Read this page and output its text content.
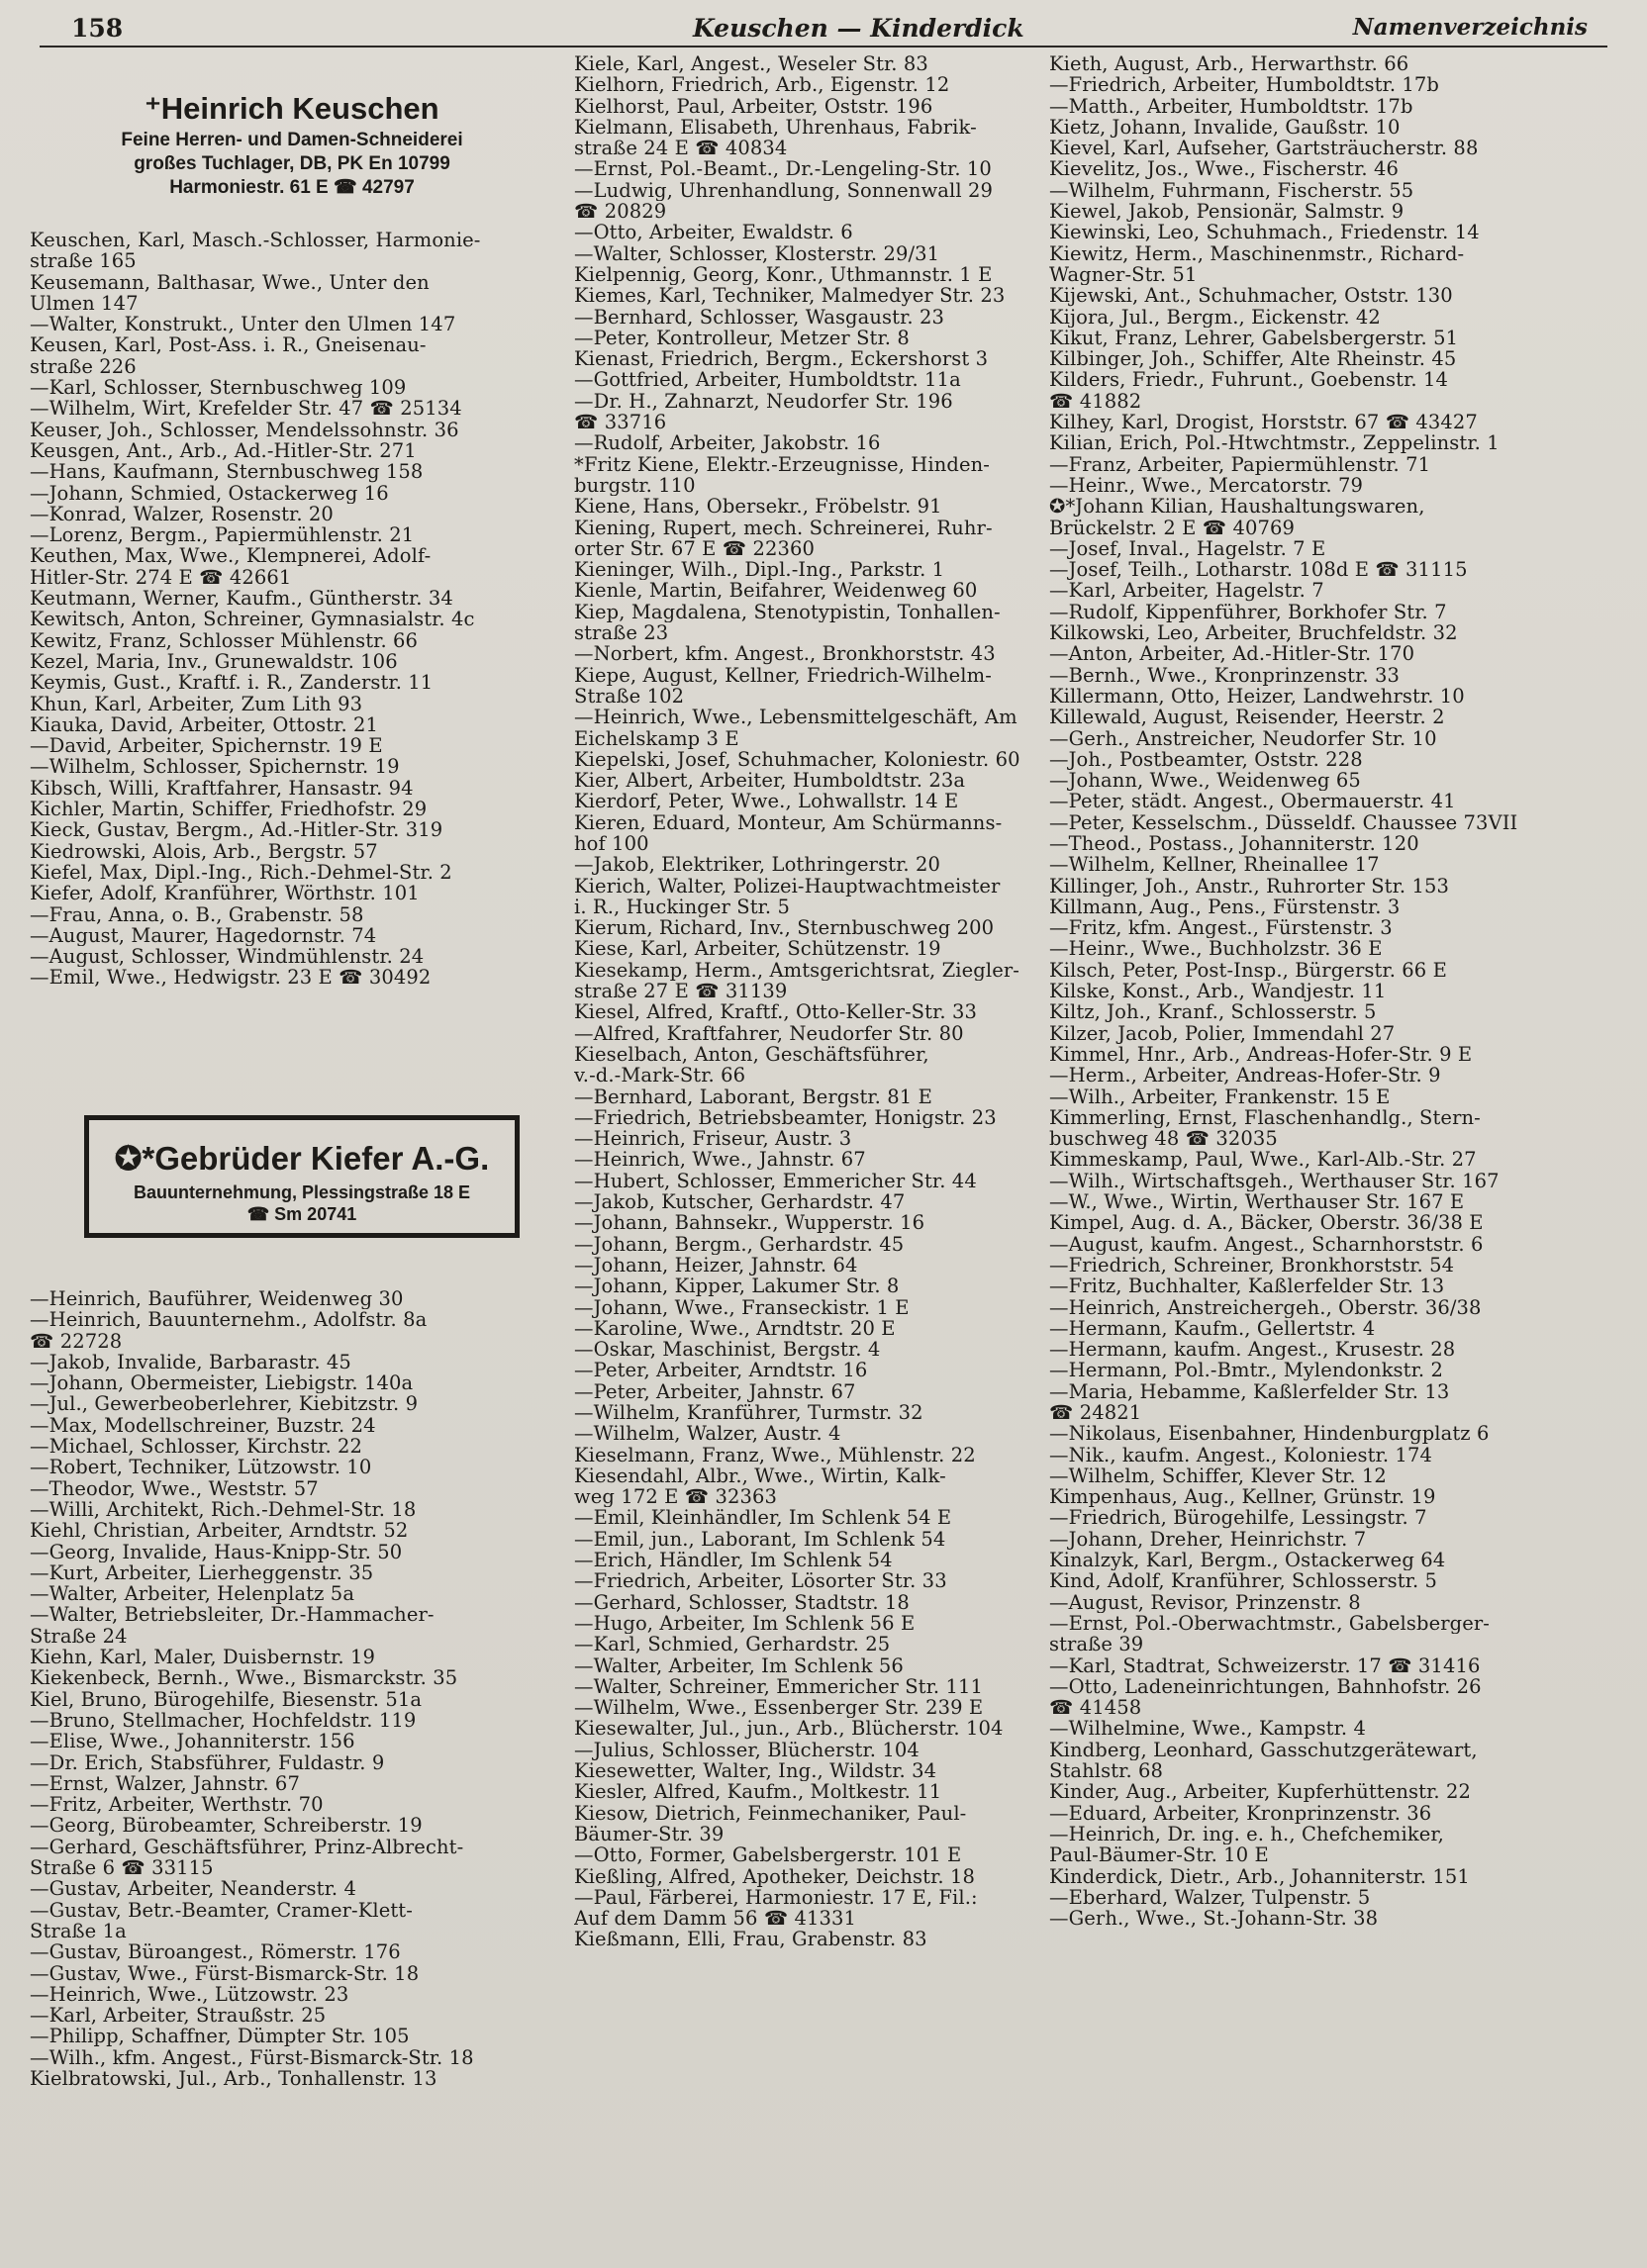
158	Keuschen — Kinderdick	Namenverzeichnis
⁺Heinrich Keuschen
Feine Herren- und Damen-Schneiderei
großes Tuchlager, DB, PK En 10799
Harmoniestr. 61 E ☎ 42797
Keuschen, Karl, Masch.-Schlosser, Harmonie-
straße 165
Keusemann, Balthasar, Wwe., Unter den
Ulmen 147
—Walter, Konstrukt., Unter den Ulmen 147
Keusen, Karl, Post-Ass. i. R., Gneisenau-
straße 226
—Karl, Schlosser, Sternbuschweg 109
—Wilhelm, Wirt, Krefelder Str. 47 ☎ 25134
Keuser, Joh., Schlosser, Mendelssohnstr. 36
Keusgen, Ant., Arb., Ad.-Hitler-Str. 271
—Hans, Kaufmann, Sternbuschweg 158
—Johann, Schmied, Ostackerweg 16
—Konrad, Walzer, Rosenstr. 20
—Lorenz, Bergm., Papiermühlenstr. 21
Keuthen, Max, Wwe., Klempnerei, Adolf-
Hitler-Str. 274 E ☎ 42661
Keutmann, Werner, Kaufm., Güntherstr. 34
Kewitsch, Anton, Schreiner, Gymnasialstr. 4c
Kewitz, Franz, Schlosser Mühlenstr. 66
Kezel, Maria, Inv., Grunewaldstr. 106
Keymis, Gust., Kraftf. i. R., Zanderstr. 11
Khun, Karl, Arbeiter, Zum Lith 93
Kiauka, David, Arbeiter, Ottostr. 21
—David, Arbeiter, Spichernstr. 19 E
—Wilhelm, Schlosser, Spichernstr. 19
Kibsch, Willi, Kraftfahrer, Hansastr. 94
Kichler, Martin, Schiffer, Friedhofstr. 29
Kieck, Gustav, Bergm., Ad.-Hitler-Str. 319
Kiedrowski, Alois, Arb., Bergstr. 57
Kiefel, Max, Dipl.-Ing., Rich.-Dehmel-Str. 2
Kiefer, Adolf, Kranführer, Wörthstr. 101
—Frau, Anna, o. B., Grabenstr. 58
—August, Maurer, Hagedornstr. 74
—August, Schlosser, Windmühlenstr. 24
—Emil, Wwe., Hedwigstr. 23 E ☎ 30492
✪*Gebrüder Kiefer A.-G.
Bauunternehmung, Plessingstraße 18 E
☎ Sm 20741
—Heinrich, Bauführer, Weidenweg 30
—Heinrich, Bauunternehm., Adolfstr. 8a
☎ 22728
—Jakob, Invalide, Barbarastr. 45
—Johann, Obermeister, Liebigstr. 140a
—Jul., Gewerbeoberlehrer, Kiebitzstr. 9
—Max, Modellschreiner, Buzstr. 24
—Michael, Schlosser, Kirchstr. 22
—Robert, Techniker, Lützowstr. 10
—Theodor, Wwe., Weststr. 57
—Willi, Architekt, Rich.-Dehmel-Str. 18
Kiehl, Christian, Arbeiter, Arndtstr. 52
—Georg, Invalide, Haus-Knipp-Str. 50
—Kurt, Arbeiter, Lierheggenstr. 35
—Walter, Arbeiter, Helenplatz 5a
—Walter, Betriebsleiter, Dr.-Hammacher-
Straße 24
Kiehn, Karl, Maler, Duisbernstr. 19
Kiekenbeck, Bernh., Wwe., Bismarckstr. 35
Kiel, Bruno, Bürogehilfe, Biesenstr. 51a
—Bruno, Stellmacher, Hochfeldstr. 119
—Elise, Wwe., Johanniterstr. 156
—Dr. Erich, Stabsführer, Fuldastr. 9
—Ernst, Walzer, Jahnstr. 67
—Fritz, Arbeiter, Werthstr. 70
—Georg, Bürobeamter, Schreiberstr. 19
—Gerhard, Geschäftsführer, Prinz-Albrecht-
Straße 6 ☎ 33115
—Gustav, Arbeiter, Neanderstr. 4
—Gustav, Betr.-Beamter, Cramer-Klett-
Straße 1a
—Gustav, Büroangest., Römerstr. 176
—Gustav, Wwe., Fürst-Bismarck-Str. 18
—Heinrich, Wwe., Lützowstr. 23
—Karl, Arbeiter, Straußstr. 25
—Philipp, Schaffner, Dümpter Str. 105
—Wilh., kfm. Angest., Fürst-Bismarck-Str. 18
Kielbratowski, Jul., Arb., Tonhallenstr. 13
Kiele, Karl, Angest., Weseler Str. 83
Kielhorn, Friedrich, Arb., Eigenstr. 12
Kielhorst, Paul, Arbeiter, Oststr. 196
Kielmann, Elisabeth, Uhrenhaus, Fabrik-
straße 24 E ☎ 40834
—Ernst, Pol.-Beamt., Dr.-Lengeling-Str. 10
—Ludwig, Uhrenhandlung, Sonnenwall 29
☎ 20829
—Otto, Arbeiter, Ewaldstr. 6
—Walter, Schlosser, Klosterstr. 29/31
Kielpennig, Georg, Konr., Uthmannstr. 1 E
Kiemes, Karl, Techniker, Malmedyer Str. 23
—Bernhard, Schlosser, Wasgaustr. 23
—Peter, Kontrolleur, Metzer Str. 8
Kienast, Friedrich, Bergm., Eckershorst 3
—Gottfried, Arbeiter, Humboldtstr. 11a
—Dr. H., Zahnarzt, Neudorfer Str. 196
☎ 33716
—Rudolf, Arbeiter, Jakobstr. 16
*Fritz Kiene, Elektr.-Erzeugnisse, Hinden-
burgstr. 110
Kiene, Hans, Obersekr., Fröbelstr. 91
Kiening, Rupert, mech. Schreinerei, Ruhr-
orter Str. 67 E ☎ 22360
Kieninger, Wilh., Dipl.-Ing., Parkstr. 1
Kienle, Martin, Beifahrer, Weidenweg 60
Kiep, Magdalena, Stenotypistin, Tonhallen-
straße 23
—Norbert, kfm. Angest., Bronkhorststr. 43
Kiepe, August, Kellner, Friedrich-Wilhelm-
Straße 102
—Heinrich, Wwe., Lebensmittelgeschäft, Am
Eichelskamp 3 E
Kiepelski, Josef, Schuhmacher, Koloniestr. 60
Kier, Albert, Arbeiter, Humboldtstr. 23a
Kierdorf, Peter, Wwe., Lohwallstr. 14 E
Kieren, Eduard, Monteur, Am Schürmanns-
hof 100
—Jakob, Elektriker, Lothringerstr. 20
Kierich, Walter, Polizei-Hauptwachtmeister
i. R., Huckinger Str. 5
Kierum, Richard, Inv., Sternbuschweg 200
Kiese, Karl, Arbeiter, Schützenstr. 19
Kiesekamp, Herm., Amtsgerichtsrat, Ziegler-
straße 27 E ☎ 31139
Kiesel, Alfred, Kraftf., Otto-Keller-Str. 33
—Alfred, Kraftfahrer, Neudorfer Str. 80
Kieselbach, Anton, Geschäftsführer,
v.-d.-Mark-Str. 66
—Bernhard, Laborant, Bergstr. 81 E
—Friedrich, Betriebsbeamter, Honigstr. 23
—Heinrich, Friseur, Austr. 3
—Heinrich, Wwe., Jahnstr. 67
—Hubert, Schlosser, Emmericher Str. 44
—Jakob, Kutscher, Gerhardstr. 47
—Johann, Bahnsekr., Wupperstr. 16
—Johann, Bergm., Gerhardstr. 45
—Johann, Heizer, Jahnstr. 64
—Johann, Kipper, Lakumer Str. 8
—Johann, Wwe., Franseckistr. 1 E
—Karoline, Wwe., Arndtstr. 20 E
—Oskar, Maschinist, Bergstr. 4
—Peter, Arbeiter, Arndtstr. 16
—Peter, Arbeiter, Jahnstr. 67
—Wilhelm, Kranführer, Turmstr. 32
—Wilhelm, Walzer, Austr. 4
Kieselmann, Franz, Wwe., Mühlenstr. 22
Kiesendahl, Albr., Wwe., Wirtin, Kalk-
weg 172 E ☎ 32363
—Emil, Kleinhändler, Im Schlenk 54 E
—Emil, jun., Laborant, Im Schlenk 54
—Erich, Händler, Im Schlenk 54
—Friedrich, Arbeiter, Lösorter Str. 33
—Gerhard, Schlosser, Stadtstr. 18
—Hugo, Arbeiter, Im Schlenk 56 E
—Karl, Schmied, Gerhardstr. 25
—Walter, Arbeiter, Im Schlenk 56
—Walter, Schreiner, Emmericher Str. 111
—Wilhelm, Wwe., Essenberger Str. 239 E
Kiesewalter, Jul., jun., Arb., Blücherstr. 104
—Julius, Schlosser, Blücherstr. 104
Kiesewetter, Walter, Ing., Wildstr. 34
Kiesler, Alfred, Kaufm., Moltkestr. 11
Kiesow, Dietrich, Feinmechaniker, Paul-
Bäumer-Str. 39
—Otto, Former, Gabelsbergerstr. 101 E
Kießling, Alfred, Apotheker, Deichstr. 18
—Paul, Färberei, Harmoniestr. 17 E, Fil.:
Auf dem Damm 56 ☎ 41331
Kießmann, Elli, Frau, Grabenstr. 83
Kieth, August, Arb., Herwarthstr. 66
—Friedrich, Arbeiter, Humboldtstr. 17b
—Matth., Arbeiter, Humboldtstr. 17b
Kietz, Johann, Invalide, Gaußstr. 10
Kievel, Karl, Aufseher, Gartsträucherstr. 88
Kievelitz, Jos., Wwe., Fischerstr. 46
—Wilhelm, Fuhrmann, Fischerstr. 55
Kiewel, Jakob, Pensionär, Salmstr. 9
Kiewinski, Leo, Schuhmach., Friedenstr. 14
Kiewitz, Herm., Maschinenmstr., Richard-
Wagner-Str. 51
Kijewski, Ant., Schuhmacher, Oststr. 130
Kijora, Jul., Bergm., Eickenstr. 42
Kikut, Franz, Lehrer, Gabelsbergerstr. 51
Kilbinger, Joh., Schiffer, Alte Rheinstr. 45
Kilders, Friedr., Fuhrunt., Goebenstr. 14
☎ 41882
Kilhey, Karl, Drogist, Horststr. 67 ☎ 43427
Kilian, Erich, Pol.-Htwchtmstr., Zeppelinstr. 1
—Franz, Arbeiter, Papiermühlenstr. 71
—Heinr., Wwe., Mercatorstr. 79
✪*Johann Kilian, Haushaltungswaren,
Brückelstr. 2 E ☎ 40769
—Josef, Inval., Hagelstr. 7 E
—Josef, Teilh., Lotharstr. 108d E ☎ 31115
—Karl, Arbeiter, Hagelstr. 7
—Rudolf, Kippenführer, Borkhofer Str. 7
Kilkowski, Leo, Arbeiter, Bruchfeldstr. 32
—Anton, Arbeiter, Ad.-Hitler-Str. 170
—Bernh., Wwe., Kronprinzenstr. 33
Killermann, Otto, Heizer, Landwehrstr. 10
Killewald, August, Reisender, Heerstr. 2
—Gerh., Anstreicher, Neudorfer Str. 10
—Joh., Postbeamter, Oststr. 228
—Johann, Wwe., Weidenweg 65
—Peter, städt. Angest., Obermauerstr. 41
—Peter, Kesselschm., Düsseldf. Chaussee 73VII
—Theod., Postass., Johanniterstr. 120
—Wilhelm, Kellner, Rheinallee 17
Killinger, Joh., Anstr., Ruhrorter Str. 153
Killmann, Aug., Pens., Fürstenstr. 3
—Fritz, kfm. Angest., Fürstenstr. 3
—Heinr., Wwe., Buchholzstr. 36 E
Kilsch, Peter, Post-Insp., Bürgerstr. 66 E
Kilske, Konst., Arb., Wandjestr. 11
Kiltz, Joh., Kranf., Schlosserstr. 5
Kilzer, Jacob, Polier, Immendahl 27
Kimmel, Hnr., Arb., Andreas-Hofer-Str. 9 E
—Herm., Arbeiter, Andreas-Hofer-Str. 9
—Wilh., Arbeiter, Frankenstr. 15 E
Kimmerling, Ernst, Flaschenhandlg., Stern-
buschweg 48 ☎ 32035
Kimmeskamp, Paul, Wwe., Karl-Alb.-Str. 27
—Wilh., Wirtschaftsgeh., Werthauser Str. 167
—W., Wwe., Wirtin, Werthauser Str. 167 E
Kimpel, Aug. d. A., Bäcker, Oberstr. 36/38 E
—August, kaufm. Angest., Scharnhorststr. 6
—Friedrich, Schreiner, Bronkhorststr. 54
—Fritz, Buchhalter, Kaßlerfelder Str. 13
—Heinrich, Anstreichergeh., Oberstr. 36/38
—Hermann, Kaufm., Gellertstr. 4
—Hermann, kaufm. Angest., Krusestr. 28
—Hermann, Pol.-Bmtr., Mylendonkstr. 2
—Maria, Hebamme, Kaßlerfelder Str. 13
☎ 24821
—Nikolaus, Eisenbahner, Hindenburgplatz 6
—Nik., kaufm. Angest., Koloniestr. 174
—Wilhelm, Schiffer, Klever Str. 12
Kimpenhaus, Aug., Kellner, Grünstr. 19
—Friedrich, Bürogehilfe, Lessingstr. 7
—Johann, Dreher, Heinrichstr. 7
Kinalzyk, Karl, Bergm., Ostackerweg 64
Kind, Adolf, Kranführer, Schlosserstr. 5
—August, Revisor, Prinzenstr. 8
—Ernst, Pol.-Oberwachtmstr., Gabelsberger-
straße 39
—Karl, Stadtrat, Schweizerstr. 17 ☎ 31416
—Otto, Ladeneinrichtungen, Bahnhofstr. 26
☎ 41458
—Wilhelmine, Wwe., Kampstr. 4
Kindberg, Leonhard, Gasschutzgerätewart,
Stahlstr. 68
Kinder, Aug., Arbeiter, Kupferhüttenstr. 22
—Eduard, Arbeiter, Kronprinzenstr. 36
—Heinrich, Dr. ing. e. h., Chefchemiker,
Paul-Bäumer-Str. 10 E
Kinderdick, Dietr., Arb., Johanniterstr. 151
—Eberhard, Walzer, Tulpenstr. 5
—Gerh., Wwe., St.-Johann-Str. 38
